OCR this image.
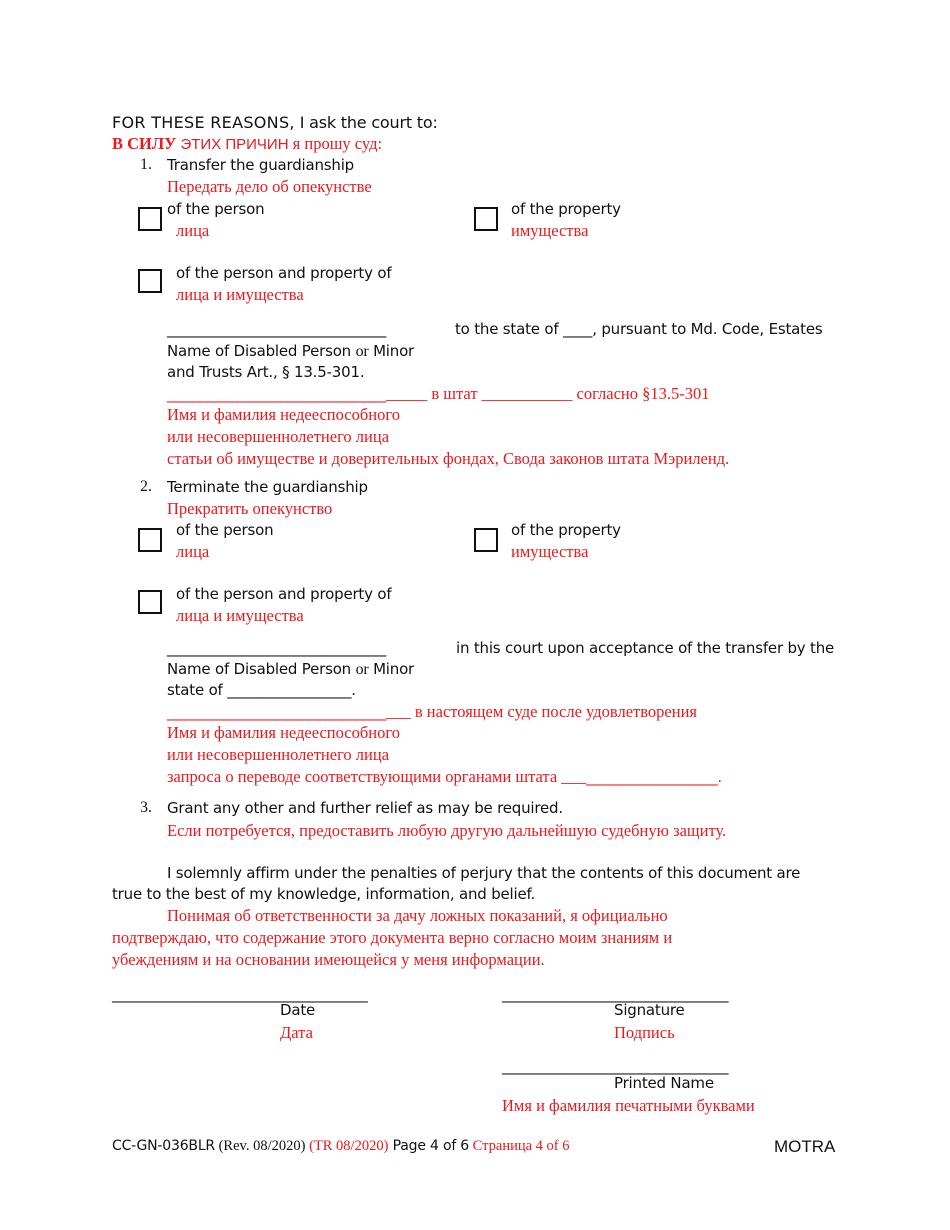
FOR THESE REASONS, I ask the court to:
В СИЛУ ЭТИХ ПРИЧИН я прошу суд:
1. Transfer the guardianship
Передать дело об опекунстве
of the person
лица
of the property
имущества
of the person and property of
лица и имущества
______________________________	to the state of ____, pursuant to Md. Code, Estates
Name of Disabled Person or Minor
and Trusts Art., § 13.5-301.
___________________________________ в штат ___________ согласно §13.5-301
Имя и фамилия недееспособного
или несовершеннолетнего лица
статьи об имуществе и доверительных фондах, Свода законов штата Мэриленд.
2. Terminate the guardianship
Прекратить опекунство
of the person
лица
of the property
имущества
of the person and property of
лица и имущества
______________________________	in this court upon acceptance of the transfer by the
Name of Disabled Person or Minor
state of _________________.
_________________________________ в настоящем суде после удовлетворения
Имя и фамилия недееспособного
или несовершеннолетнего лица
запроса о переводе соответствующими органами штата _____________________.
3. Grant any other and further relief as may be required.
Если потребуется, предоставить любую другую дальнейшую судебную защиту.
I solemnly affirm under the penalties of perjury that the contents of this document are
true to the best of my knowledge, information, and belief.
Понимая об ответственности за дачу ложных показаний, я официально
подтверждаю, что содержание этого документа верно согласно моим знаниям и
убеждениям и на основании имеющейся у меня информации.
___________________________________
Date
Дата
_______________________________
Signature
Подпись
_______________________________
Printed Name
Имя и фамилия печатными буквами
CC-GN-036BLR (Rev. 08/2020) (TR 08/2020) Page 4 of 6 Страница 4 of 6	MOTRA
